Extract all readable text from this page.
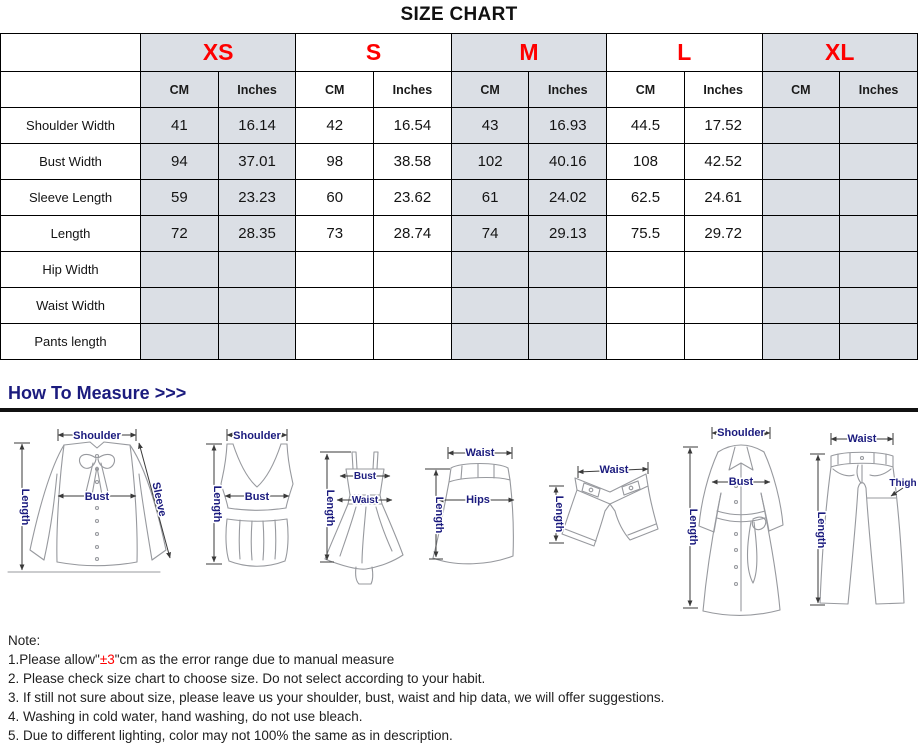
SIZE CHART
	XS		S		M		L		XL	
	CM	Inches	CM	Inches	CM	Inches	CM	Inches	CM	Inches
Shoulder Width	41	16.14	42	16.54	43	16.93	44.5	17.52		
Bust Width	94	37.01	98	38.58	102	40.16	108	42.52		
Sleeve Length	59	23.23	60	23.62	61	24.02	62.5	24.61		
Length	72	28.35	73	28.74	74	29.13	75.5	29.72		
Hip Width										
Waist Width										
Pants length										
How To Measure >>>
Shoulder
Length	Bust	Sleeve
Shoulder
Length Bust	Length
Bust
Waist
Waist
Length Hips
Waist
Length
Shoulder
Length
Bust
Waist
Length
Thigh
Note:
1.Please allow"±3"cm as the error range due to manual measure
2. Please check size chart to choose size. Do not select according to your habit.
3. If still not sure about size, please leave us your shoulder, bust, waist and hip data, we will offer suggestions.
4. Washing in cold water, hand washing, do not use bleach.
5. Due to different lighting, color may not 100% the same as in description.
